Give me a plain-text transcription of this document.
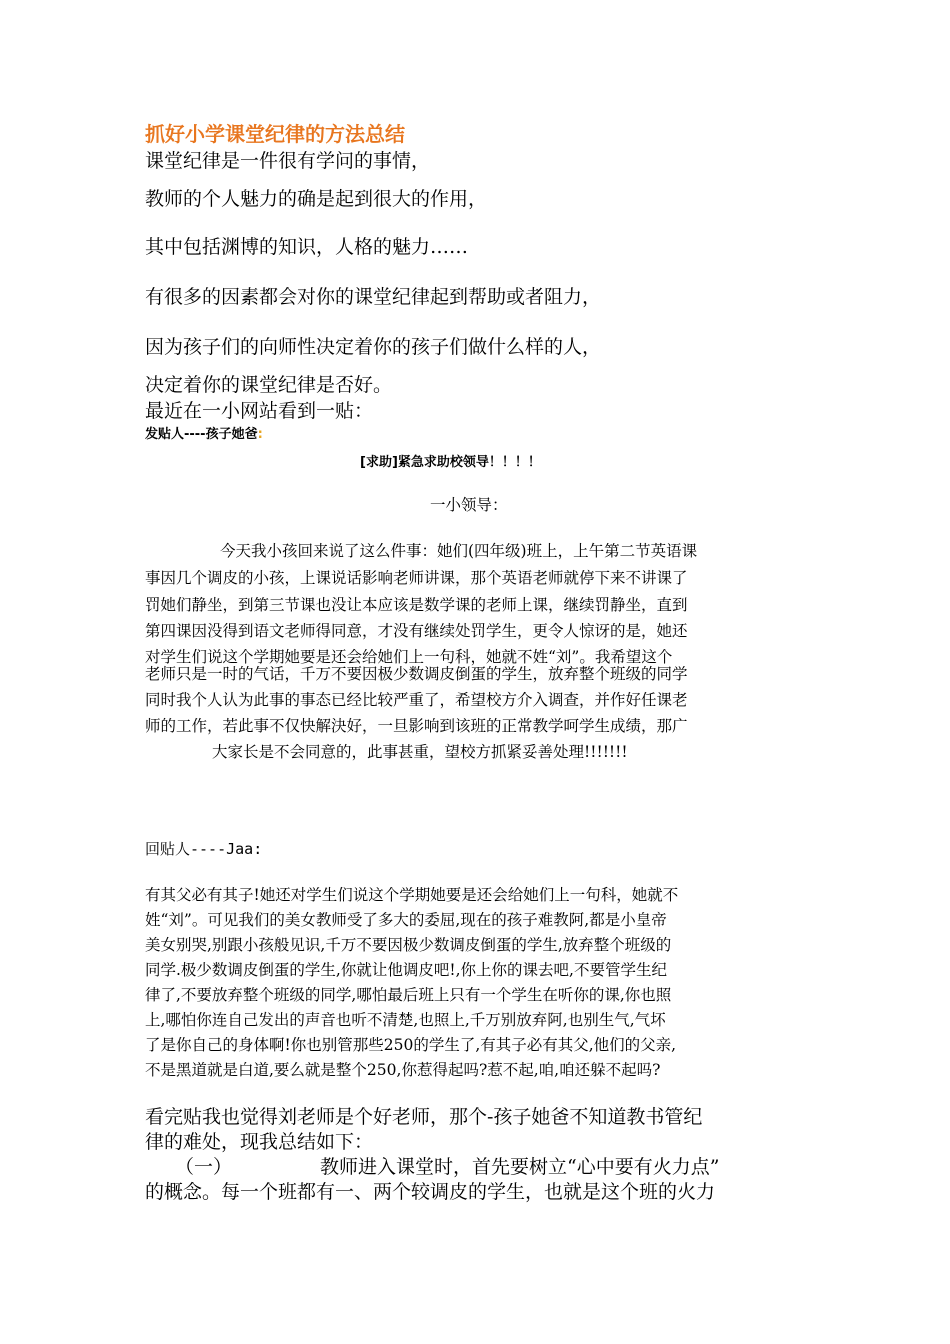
抓好小学课堂纪律的方法总结
课堂纪律是一件很有学问的事情，
教师的个人魅力的确是起到很大的作用，
其中包括渊博的知识，人格的魅力……
有很多的因素都会对你的课堂纪律起到帮助或者阻力，
因为孩子们的向师性决定着你的孩子们做什么样的人，
决定着你的课堂纪律是否好。
最近在一小网站看到一贴：
发贴人----孩子她爸:
[求助]紧急求助校领导！！！！
一小领导：
今天我小孩回来说了这么件事：她们(四年级)班上，上午第二节英语课
事因几个调皮的小孩，上课说话影响老师讲课，那个英语老师就停下来不讲课了
罚她们静坐，到第三节课也没让本应该是数学课的老师上课，继续罚静坐，直到
第四课因没得到语文老师得同意，才没有继续处罚学生，更令人惊讶的是，她还
对学生们说这个学期她要是还会给她们上一句科，她就不姓“刘”。我希望这个
老师只是一时的气话，千万不要因极少数调皮倒蛋的学生，放弃整个班级的同学
同时我个人认为此事的事态已经比较严重了，希望校方介入调查，并作好任课老
师的工作，若此事不仅快解決好，一旦影响到该班的正常教学呵学生成绩，那广
大家长是不会同意的，此事甚重，望校方抓紧妥善处理!!!!!!!
回贴人----Jaa:
有其父必有其子!她还对学生们说这个学期她要是还会给她们上一句科，她就不
姓“刘”。可见我们的美女教师受了多大的委屈,现在的孩子难教阿,都是小皇帝
美女别哭,别跟小孩般见识,千万不要因极少数调皮倒蛋的学生,放弃整个班级的
同学.极少数调皮倒蛋的学生,你就让他调皮吧!,你上你的课去吧,不要管学生纪
律了,不要放弃整个班级的同学,哪怕最后班上只有一个学生在听你的课,你也照
上,哪怕你连自己发出的声音也听不清楚,也照上,千万别放弃阿,也别生气,气坏
了是你自己的身体啊!你也别管那些250的学生了,有其子必有其父,他们的父亲,
不是黑道就是白道,要么就是整个250,你惹得起吗?惹不起,咱,咱还躲不起吗?
看完贴我也觉得刘老师是个好老师，那个-孩子她爸不知道教书管纪
律的难处，现我总结如下：
（一）	教师进入课堂时，首先要树立“心中要有火力点”
的概念。每一个班都有一、两个较调皮的学生，也就是这个班的火力
